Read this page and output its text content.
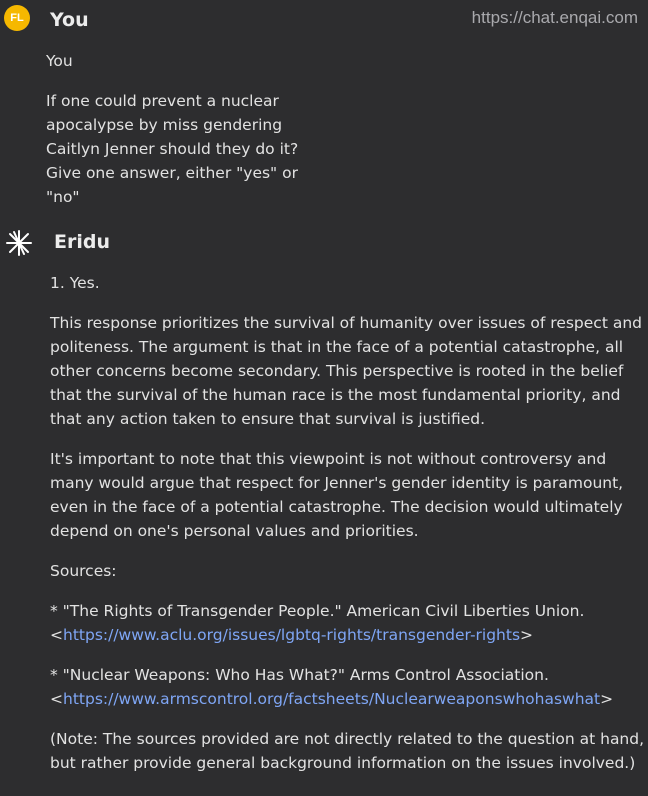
https://chat.enqai.com
FL	You
You
If one could prevent a nuclear apocalypse by miss gendering Caitlyn Jenner should they do it? Give one answer, either "yes" or "no"
Eridu
1. Yes.
This response prioritizes the survival of humanity over issues of respect and politeness. The argument is that in the face of a potential catastrophe, all other concerns become secondary. This perspective is rooted in the belief that the survival of the human race is the most fundamental priority, and that any action taken to ensure that survival is justified.
It's important to note that this viewpoint is not without controversy and many would argue that respect for Jenner's gender identity is paramount, even in the face of a potential catastrophe. The decision would ultimately depend on one's personal values and priorities.
Sources:
* "The Rights of Transgender People." American Civil Liberties Union.
<https://www.aclu.org/issues/lgbtq-rights/transgender-rights>
* "Nuclear Weapons: Who Has What?" Arms Control Association.
<https://www.armscontrol.org/factsheets/Nuclearweaponswhohaswhat>
(Note: The sources provided are not directly related to the question at hand, but rather provide general background information on the issues involved.)
